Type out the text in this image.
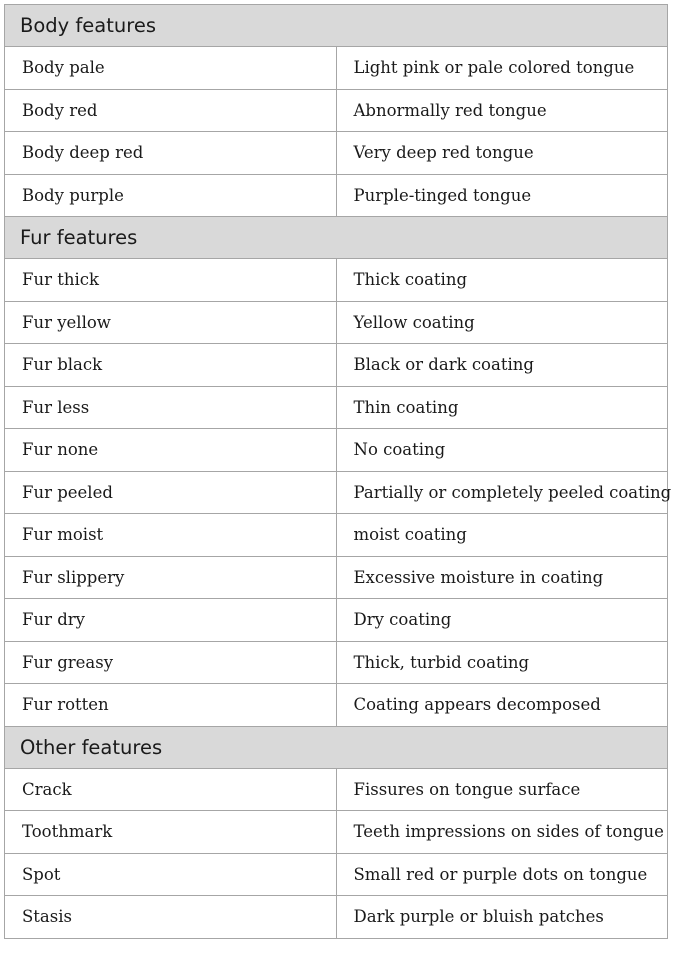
Body features	
Body pale	Light pink or pale colored tongue
Body red	Abnormally red tongue
Body deep red	Very deep red tongue
Body purple	Purple-tinged tongue
Fur features	
Fur thick	Thick coating
Fur yellow	Yellow coating
Fur black	Black or dark coating
Fur less	Thin coating
Fur none	No coating
Fur peeled	Partially or completely peeled coating
Fur moist	moist coating
Fur slippery	Excessive moisture in coating
Fur dry	Dry coating
Fur greasy	Thick, turbid coating
Fur rotten	Coating appears decomposed
Other features	
Crack	Fissures on tongue surface
Toothmark	Teeth impressions on sides of tongue
Spot	Small red or purple dots on tongue
Stasis	Dark purple or bluish patches
